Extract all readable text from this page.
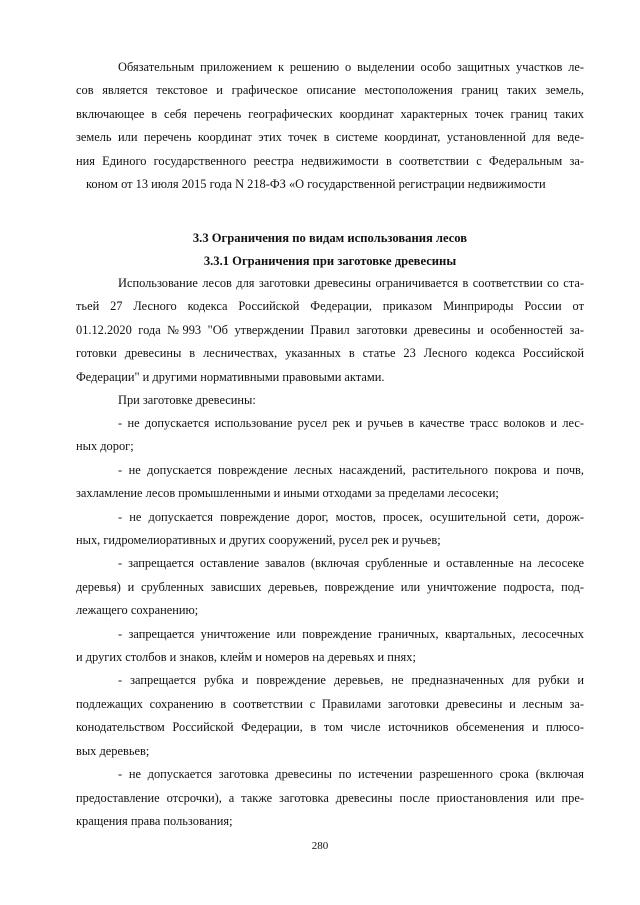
Обязательным приложением к решению о выделении особо защитных участков ле-
сов является текстовое и графическое описание местоположения границ таких земель,
включающее в себя перечень географических координат характерных точек границ таких
земель или перечень координат этих точек в системе координат, установленной для веде-
ния Единого государственного реестра недвижимости в соответствии с Федеральным за-
коном от 13 июля 2015 года N 218-ФЗ «О государственной регистрации недвижимости
3.3 Ограничения по видам использования лесов
3.3.1 Ограничения при заготовке древесины
Использование лесов для заготовки древесины ограничивается в соответствии со ста-
тьей 27 Лесного кодекса Российской Федерации, приказом Минприроды России от
01.12.2020 года №993 "Об утверждении Правил заготовки древесины и особенностей за-
готовки древесины в лесничествах, указанных в статье 23 Лесного кодекса Российской
Федерации" и другими нормативными правовыми актами.
При заготовке древесины:
- не допускается использование русел рек и ручьев в качестве трасс волоков и лес-
ных дорог;
- не допускается повреждение лесных насаждений, растительного покрова и почв,
захламление лесов промышленными и иными отходами за пределами лесосеки;
- не допускается повреждение дорог, мостов, просек, осушительной сети, дорож-
ных, гидромелиоративных и других сооружений, русел рек и ручьев;
- запрещается оставление завалов (включая срубленные и оставленные на лесосеке
деревья) и срубленных зависших деревьев, повреждение или уничтожение подроста, под-
лежащего сохранению;
- запрещается уничтожение или повреждение граничных, квартальных, лесосечных
и других столбов и знаков, клейм и номеров на деревьях и пнях;
- запрещается рубка и повреждение деревьев, не предназначенных для рубки и
подлежащих сохранению в соответствии с Правилами заготовки древесины и лесным за-
конодательством Российской Федерации, в том числе источников обсеменения и плюсо-
вых деревьев;
- не допускается заготовка древесины по истечении разрешенного срока (включая
предоставление отсрочки), а также заготовка древесины после приостановления или пре-
кращения права пользования;
280
